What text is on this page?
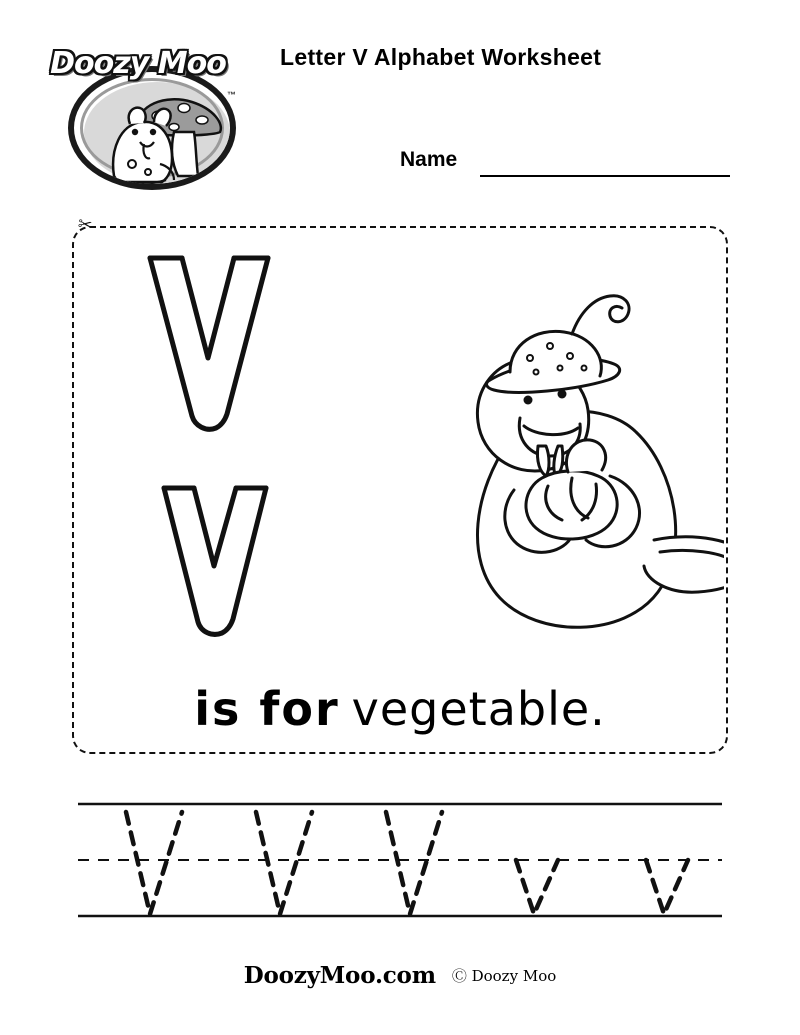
Doozy Moo
™
Letter V Alphabet Worksheet
Name
✂
is for vegetable.
DoozyMoo.com Ⓒ Doozy Moo
